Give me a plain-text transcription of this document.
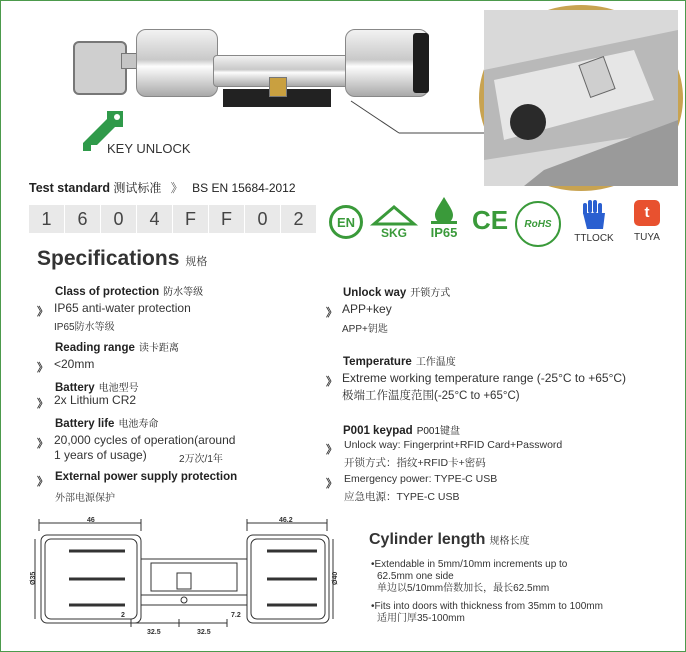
KEY UNLOCK
Test standard 测试标准 》 BS EN 15684-2012
1	6	0	4	F	F	0	2	EN
SKG IP65 CE RoHS
TTLOCK
t
TUYA
Specifications 规格
Class of protection 防水等级
》 IP65 anti-water protection
IP65防水等级
Reading range 读卡距离
》 <20mm
Battery 电池型号
》 2x Lithium CR2
Battery life 电池寿命
》 20,000 cycles of operation(around
1 years of usage)	2万次/1年
》 External power supply protection
外部电源保护
Unlock way 开锁方式
》 APP+key
APP+钥匙
Temperature 工作温度
》 Extreme working temperature range (-25°C to +65°C)
极端工作温度范围(-25°C to +65°C)
P001 keypad P001键盘
》 Unlock way: Fingerprint+RFID Card+Password
开锁方式：指纹+RFID卡+密码
》 Emergency power: TYPE-C USB
应急电源：TYPE-C USB
46	46.2
Ø35	Ø40
2
32.5	32.5
7.2
Cylinder length 规格长度
•Extendable in 5mm/10mm increments up to
62.5mm one side
单边以5/10mm倍数加长，最长62.5mm
•Fits into doors with thickness from 35mm to 100mm
适用门厚35-100mm
